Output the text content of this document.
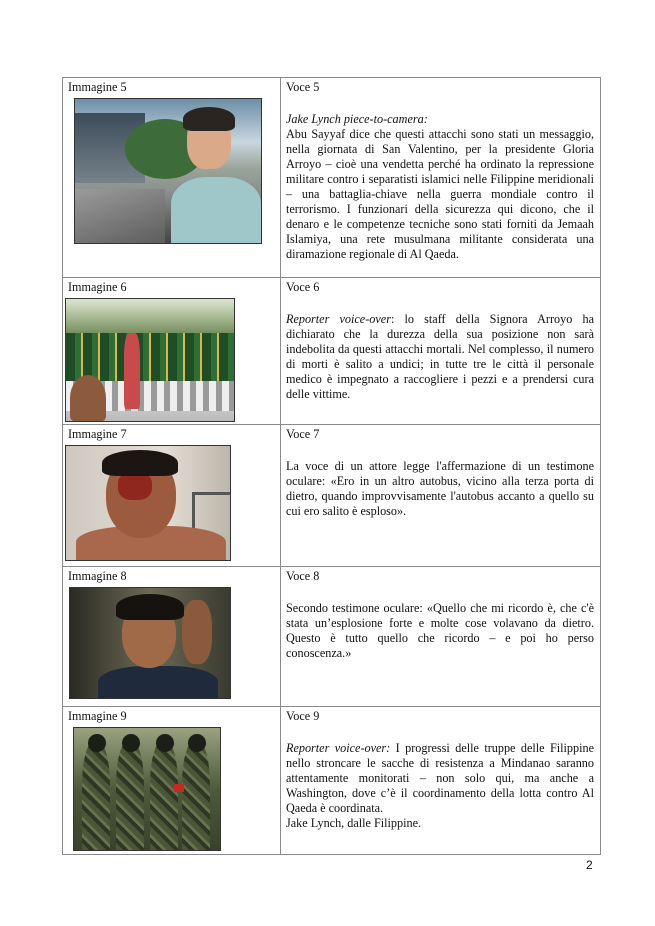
Immagine 5	Voce 5
Jake Lynch piece-to-camera:
Abu Sayyaf dice che questi attacchi sono stati un messaggio, nella giornata di San Valentino, per la presidente Gloria Arroyo – cioè una vendetta perché ha ordinato la repressione militare contro i separatisti islamici nelle Filippine meridionali – una battaglia-chiave nella guerra mondiale contro il terrorismo. I funzionari della sicurezza qui dicono, che il denaro e le competenze tecniche sono stati forniti da Jemaah Islamiya, una rete musulmana militante considerata una diramazione regionale di Al Qaeda.

Immagine 6	Voce 6
Reporter voice-over: lo staff della Signora Arroyo ha dichiarato che la durezza della sua posizione non sarà indebolita da questi attacchi mortali. Nel complesso, il numero di morti è salito a undici; in tutte tre le città il personale medico è impegnato a raccogliere i pezzi e a prendersi cura delle vittime.

Immagine 7	Voce 7
La voce di un attore legge l'affermazione di un testimone oculare: «Ero in un altro autobus, vicino alla terza porta di dietro, quando improvvisamente l'autobus accanto a quello su cui ero salito è esploso».

Immagine 8	Voce 8
Secondo testimone oculare: «Quello che mi ricordo è, che c'è stata un’esplosione forte e molte cose volavano da dietro. Questo è tutto quello che ricordo – e poi ho perso conoscenza.»

Immagine 9	Voce 9
Reporter voice-over: I progressi delle truppe delle Filippine nello stroncare le sacche di resistenza a Mindanao saranno attentamente monitorati – non solo qui, ma anche a Washington, dove c’è il coordinamento della lotta contro Al Qaeda è coordinata.
Jake Lynch, dalle Filippine.
2
